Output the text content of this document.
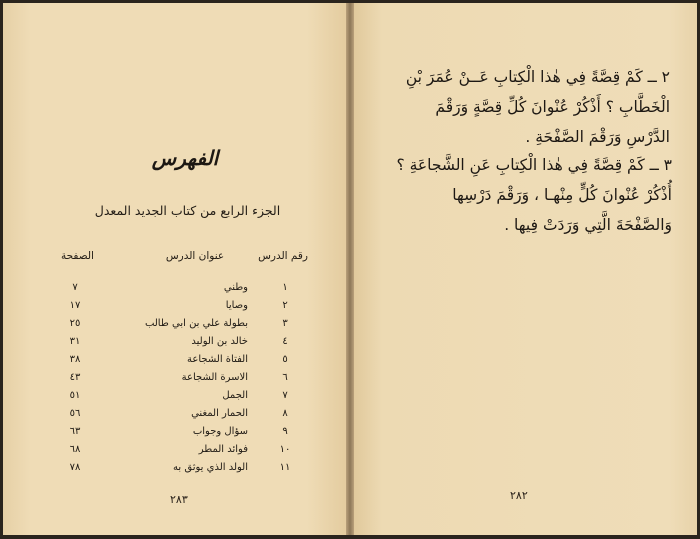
٢ ــ كَمْ قِصَّةً فِي هٰذا الْكِتابِ عَــنْ عُمَرَ بْنِ
الْخَطَّابِ ؟ أَذْكُرْ عُنْوانَ كُلِّ قِصَّةٍ وَرَقْمَ
الدَّرْسِ وَرَقْمَ الصَّفْحَةِ .
٣ ــ كَمْ قِصَّةً فِي هٰذا الْكِتابِ عَنِ الشَّجاعَةِ ؟
أُذْكُرْ عُنْوانَ كُلٍّ مِنْهـا ، وَرَقْمَ دَرْسِها
وَالصَّفْحَةَ الَّتِي وَرَدَتْ فِيها .
٢٨٢
الفهرس
الجزء الرابع من كتاب الجديد المعدل
رقم الدرس
عنوان الدرس
الصفحة
١
وطني
٧
٢
وصايا
١٧
٣
بطولة علي بن ابي طالب
٢٥
٤
خالد بن الوليد
٣١
٥
الفتاة الشجاعة
٣٨
٦
الاسرة الشجاعة
٤٣
٧
الجمل
٥١
٨
الحمار المغني
٥٦
٩
سؤال وجواب
٦٣
١٠
فوائد المطر
٦٨
١١
الولد الذي يوثق به
٧٨
٢٨٣
